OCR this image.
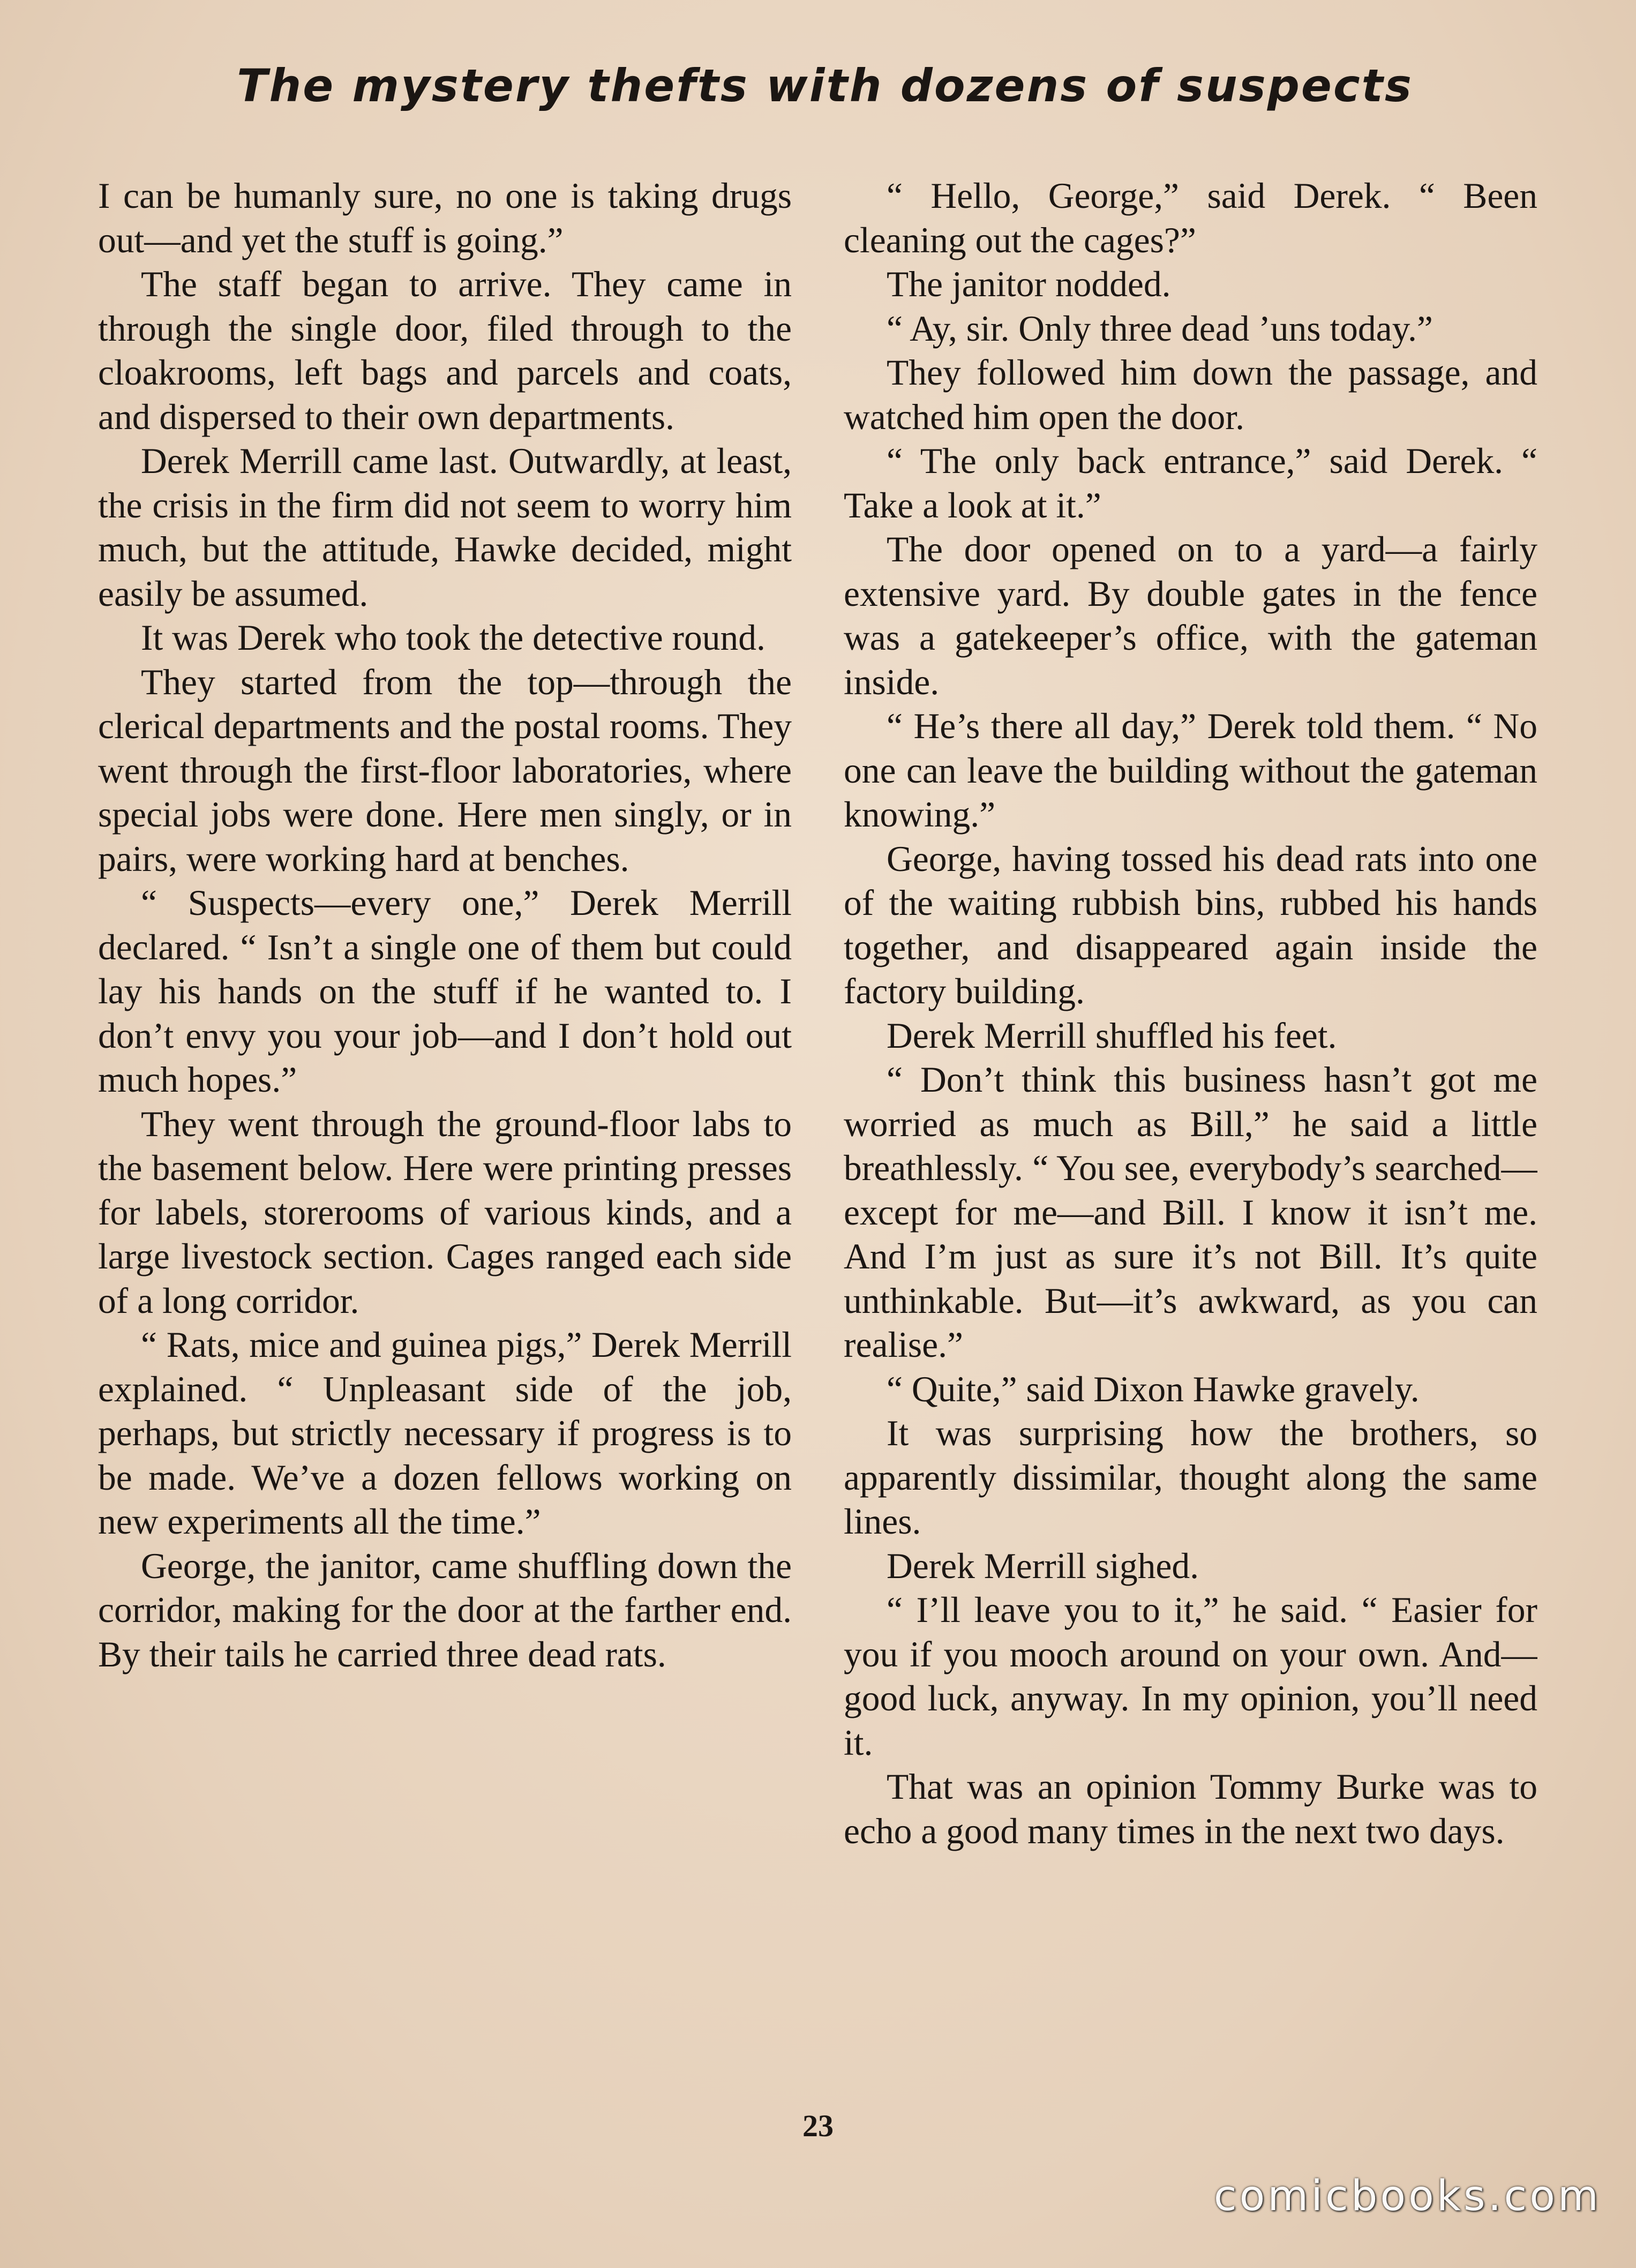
The mystery thefts with dozens of suspects

I can be humanly sure, no one is taking drugs out—and yet the stuff is going.”

The staff began to arrive. They came in through the single door, filed through to the cloakrooms, left bags and parcels and coats, and dispersed to their own departments.

Derek Merrill came last. Outwardly, at least, the crisis in the firm did not seem to worry him much, but the attitude, Hawke decided, might easily be assumed.

It was Derek who took the detective round.

They started from the top—through the clerical departments and the postal rooms. They went through the first-floor laboratories, where special jobs were done. Here men singly, or in pairs, were working hard at benches.

“ Suspects—every one,” Derek Merrill declared. “ Isn’t a single one of them but could lay his hands on the stuff if he wanted to. I don’t envy you your job—and I don’t hold out much hopes.”

They went through the ground-floor labs to the basement below. Here were printing presses for labels, storerooms of various kinds, and a large livestock section. Cages ranged each side of a long corridor.

“ Rats, mice and guinea pigs,” Derek Merrill explained. “ Unpleasant side of the job, perhaps, but strictly necessary if progress is to be made. We’ve a dozen fellows working on new experiments all the time.”

George, the janitor, came shuffling down the corridor, making for the door at the farther end. By their tails he carried three dead rats.

“ Hello, George,” said Derek. “ Been cleaning out the cages?”

The janitor nodded.

“ Ay, sir. Only three dead ’uns today.”

They followed him down the passage, and watched him open the door.

“ The only back entrance,” said Derek. “ Take a look at it.”

The door opened on to a yard—a fairly extensive yard. By double gates in the fence was a gatekeeper’s office, with the gateman inside.

“ He’s there all day,” Derek told them. “ No one can leave the building without the gateman knowing.”

George, having tossed his dead rats into one of the waiting rubbish bins, rubbed his hands together, and disappeared again inside the factory building.

Derek Merrill shuffled his feet.

“ Don’t think this business hasn’t got me worried as much as Bill,” he said a little breathlessly. “ You see, everybody’s searched—except for me—and Bill. I know it isn’t me. And I’m just as sure it’s not Bill. It’s quite unthinkable. But—it’s awkward, as you can realise.”

“ Quite,” said Dixon Hawke gravely.

It was surprising how the brothers, so apparently dissimilar, thought along the same lines.

Derek Merrill sighed.

“ I’ll leave you to it,” he said. “ Easier for you if you mooch around on your own. And—good luck, anyway. In my opinion, you’ll need it.

That was an opinion Tommy Burke was to echo a good many times in the next two days.

23
comicbooks.com
